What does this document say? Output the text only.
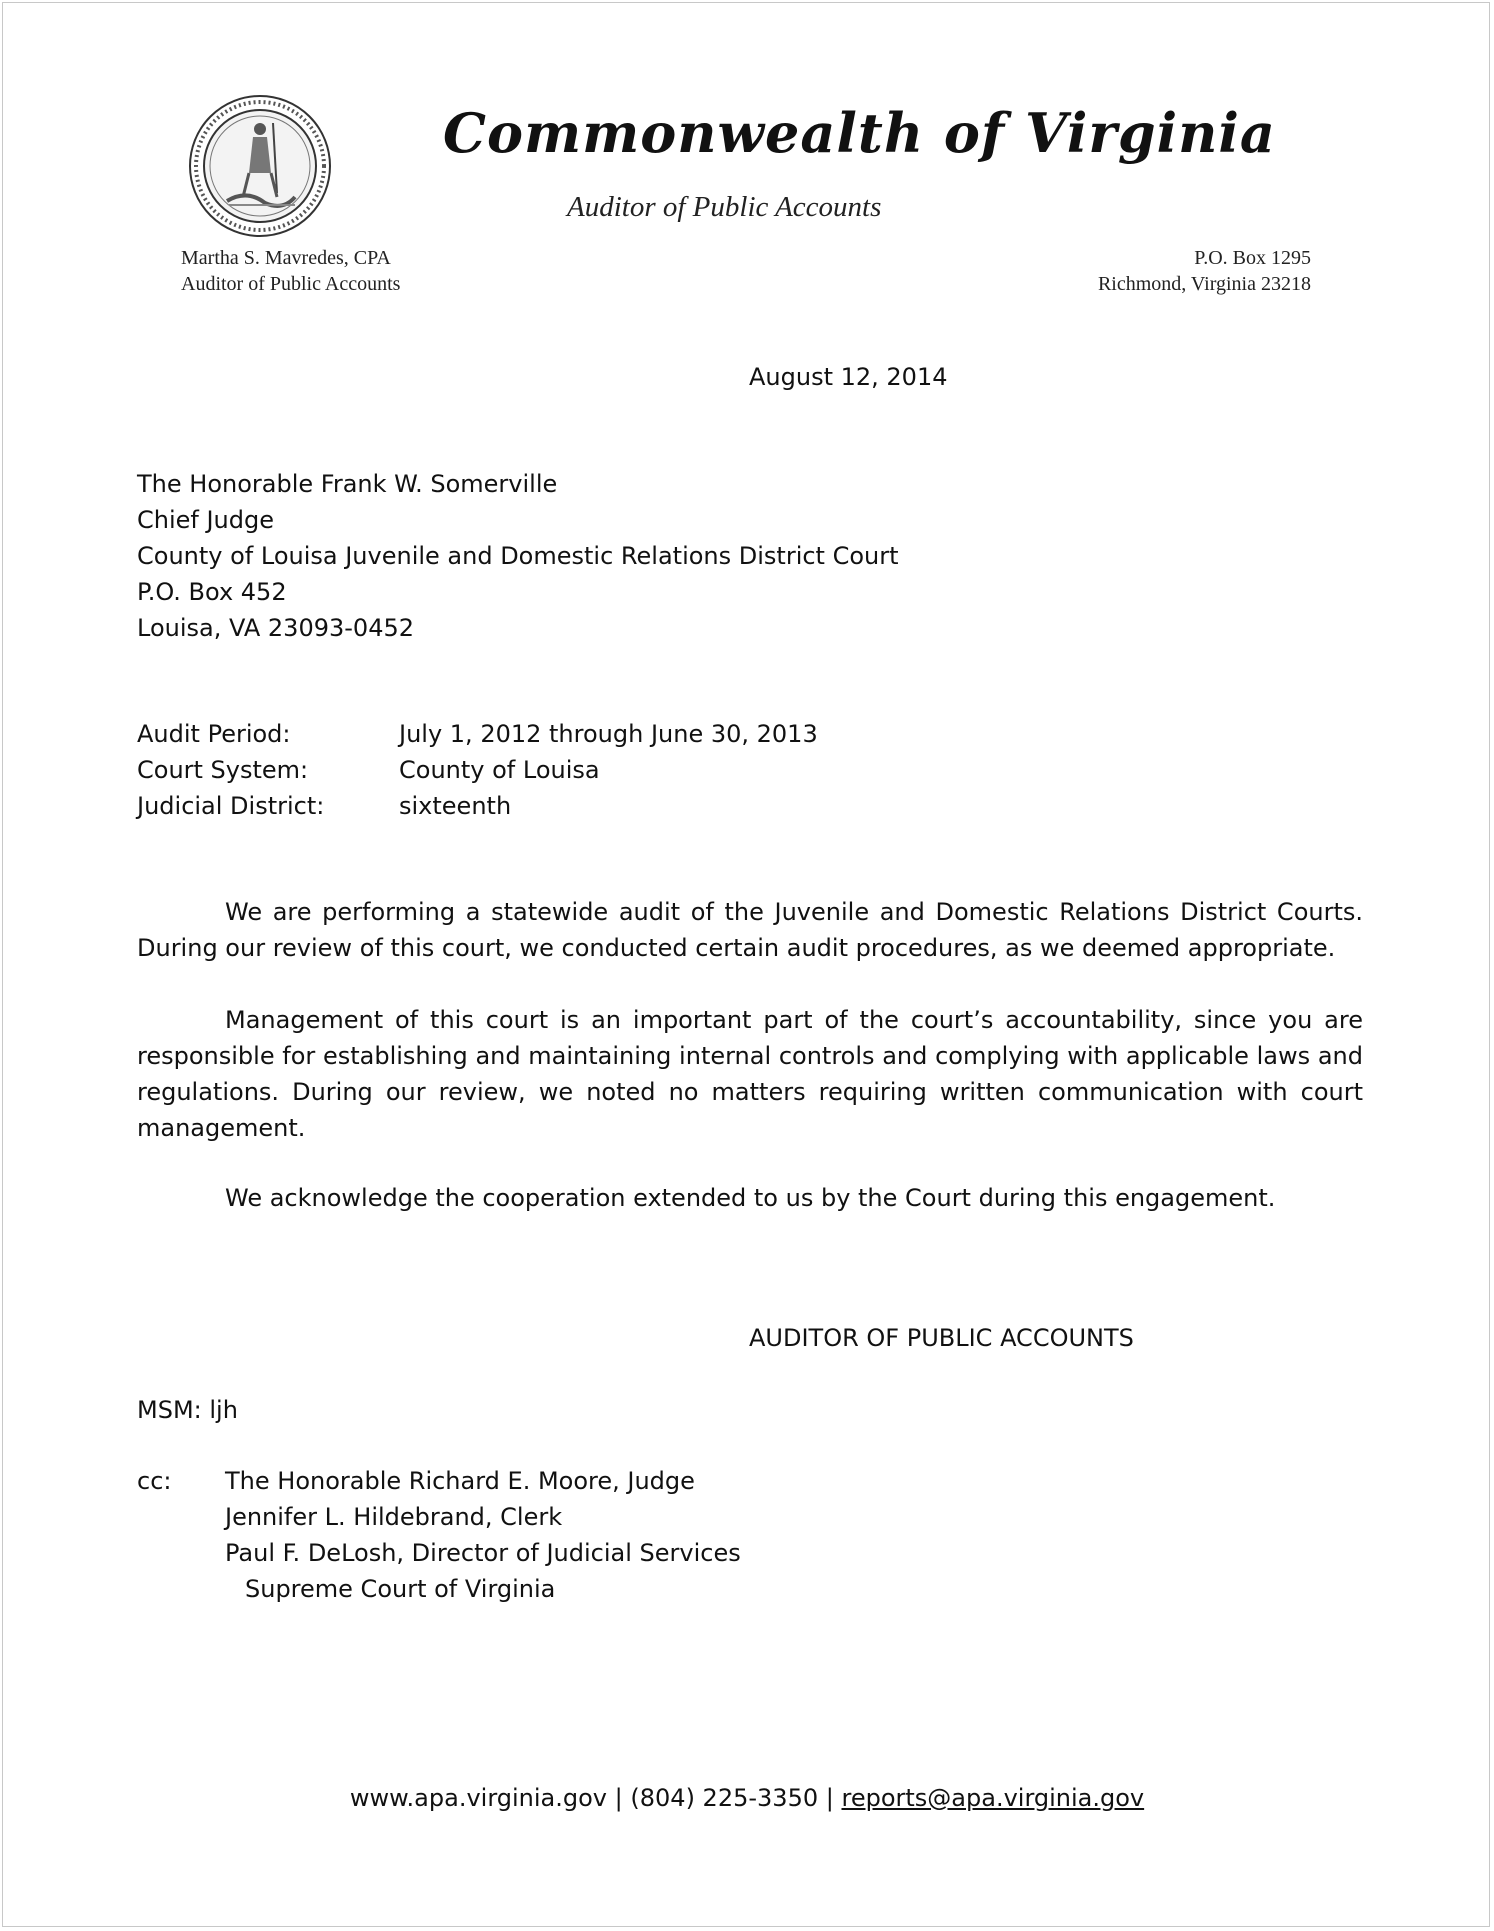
Commonwealth of Virginia
Auditor of Public Accounts
Martha S. Mavredes, CPA
Auditor of Public Accounts
P.O. Box 1295
Richmond, Virginia 23218
August 12, 2014
The Honorable Frank W. Somerville
Chief Judge
County of Louisa Juvenile and Domestic Relations District Court
P.O. Box 452
Louisa, VA 23093-0452
Audit Period:	July 1, 2012 through June 30, 2013
Court System:	County of Louisa
Judicial District:	sixteenth

We are performing a statewide audit of the Juvenile and Domestic Relations District Courts. During our review of this court, we conducted certain audit procedures, as we deemed appropriate.

Management of this court is an important part of the court’s accountability, since you are responsible for establishing and maintaining internal controls and complying with applicable laws and regulations. During our review, we noted no matters requiring written communication with court management.

We acknowledge the cooperation extended to us by the Court during this engagement.

AUDITOR OF PUBLIC ACCOUNTS
MSM: ljh
cc:	The Honorable Richard E. Moore, Judge
Jennifer L. Hildebrand, Clerk
Paul F. DeLosh, Director of Judicial Services
Supreme Court of Virginia
www.apa.virginia.gov | (804) 225-3350 | reports@apa.virginia.gov
